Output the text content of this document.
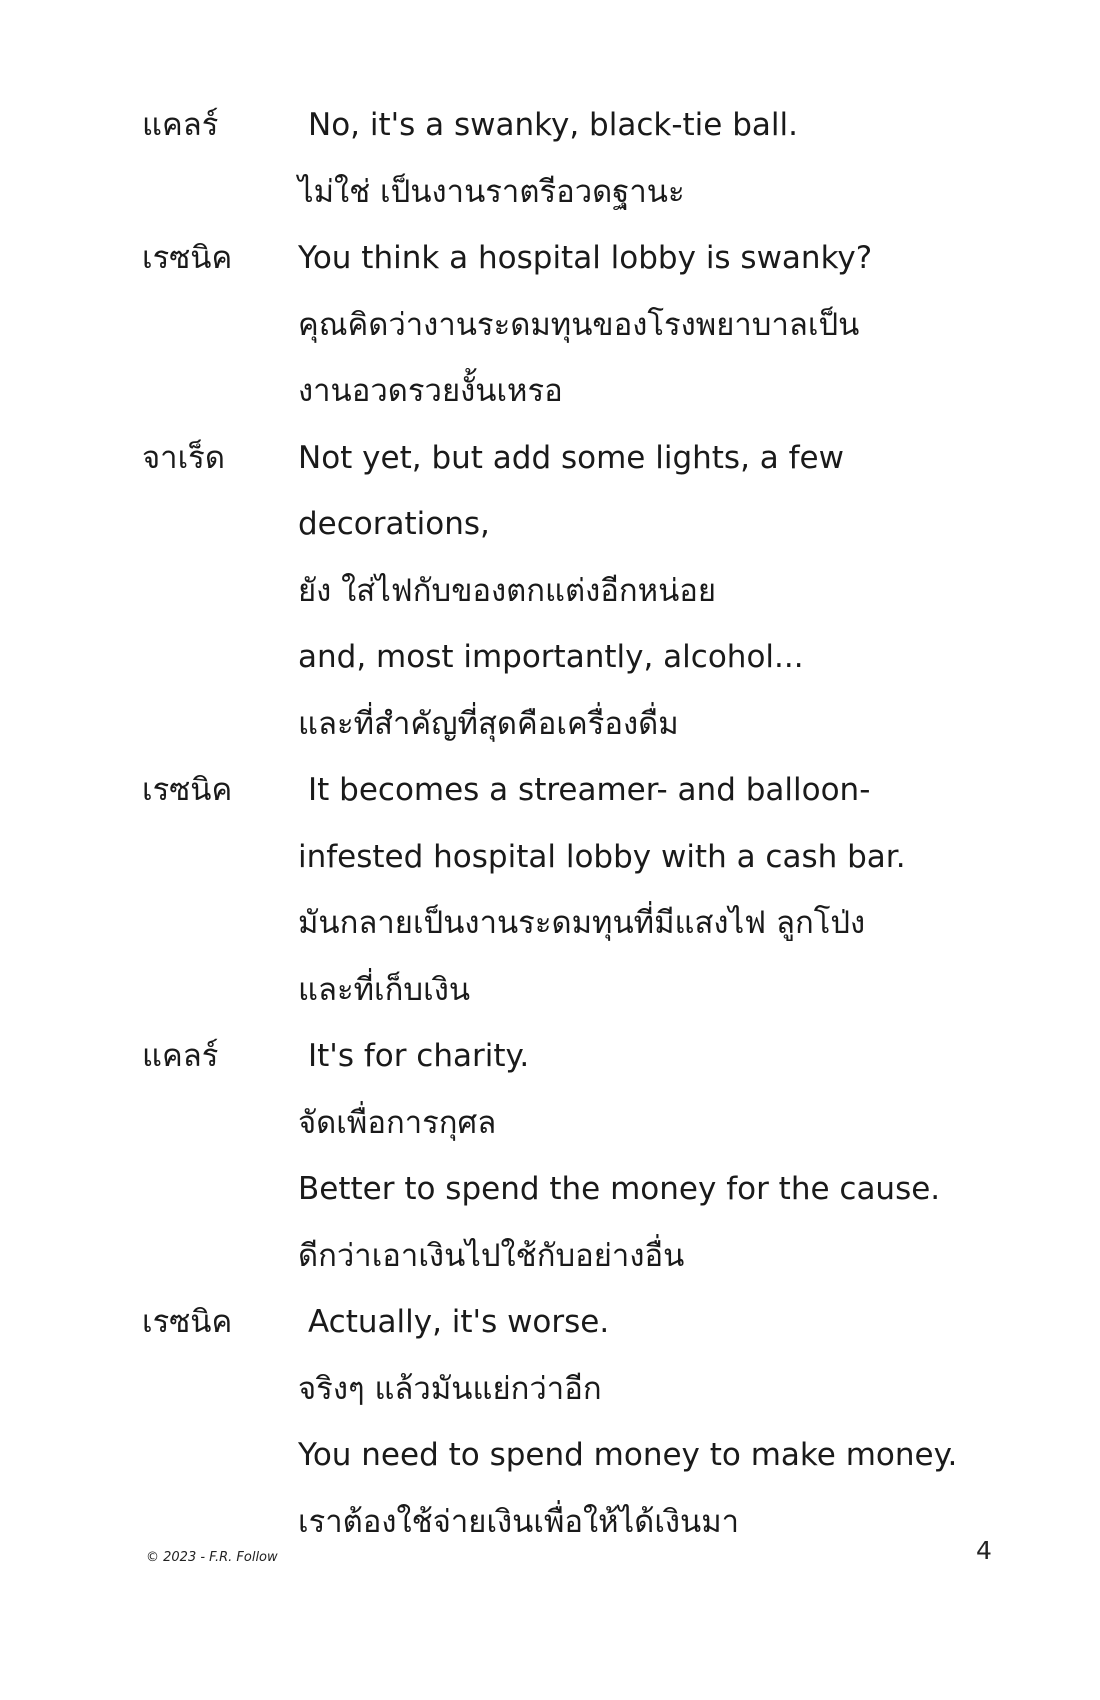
แคลร์	No, it's a swanky, black-tie ball.
ไม่ใช่ เป็นงานราตรีอวดฐานะ
เรซนิค You think a hospital lobby is swanky?
คุณคิดว่างานระดมทุนของโรงพยาบาลเป็น
งานอวดรวยงั้นเหรอ
จาเร็ด Not yet, but add some lights, a few
decorations,
ยัง ใส่ไฟกับของตกแต่งอีกหน่อย
and, most importantly, alcohol...
และที่สำคัญที่สุดคือเครื่องดื่ม
เรซนิค	It becomes a streamer- and balloon-
infested hospital lobby with a cash bar.
มันกลายเป็นงานระดมทุนที่มีแสงไฟ ลูกโป่ง
และที่เก็บเงิน
แคลร์	It's for charity.
จัดเพื่อการกุศล
Better to spend the money for the cause.
ดีกว่าเอาเงินไปใช้กับอย่างอื่น
เรซนิค	Actually, it's worse.
จริงๆ แล้วมันแย่กว่าอีก
You need to spend money to make money.
เราต้องใช้จ่ายเงินเพื่อให้ได้เงินมา
© 2023 - F.R. Follow	4
